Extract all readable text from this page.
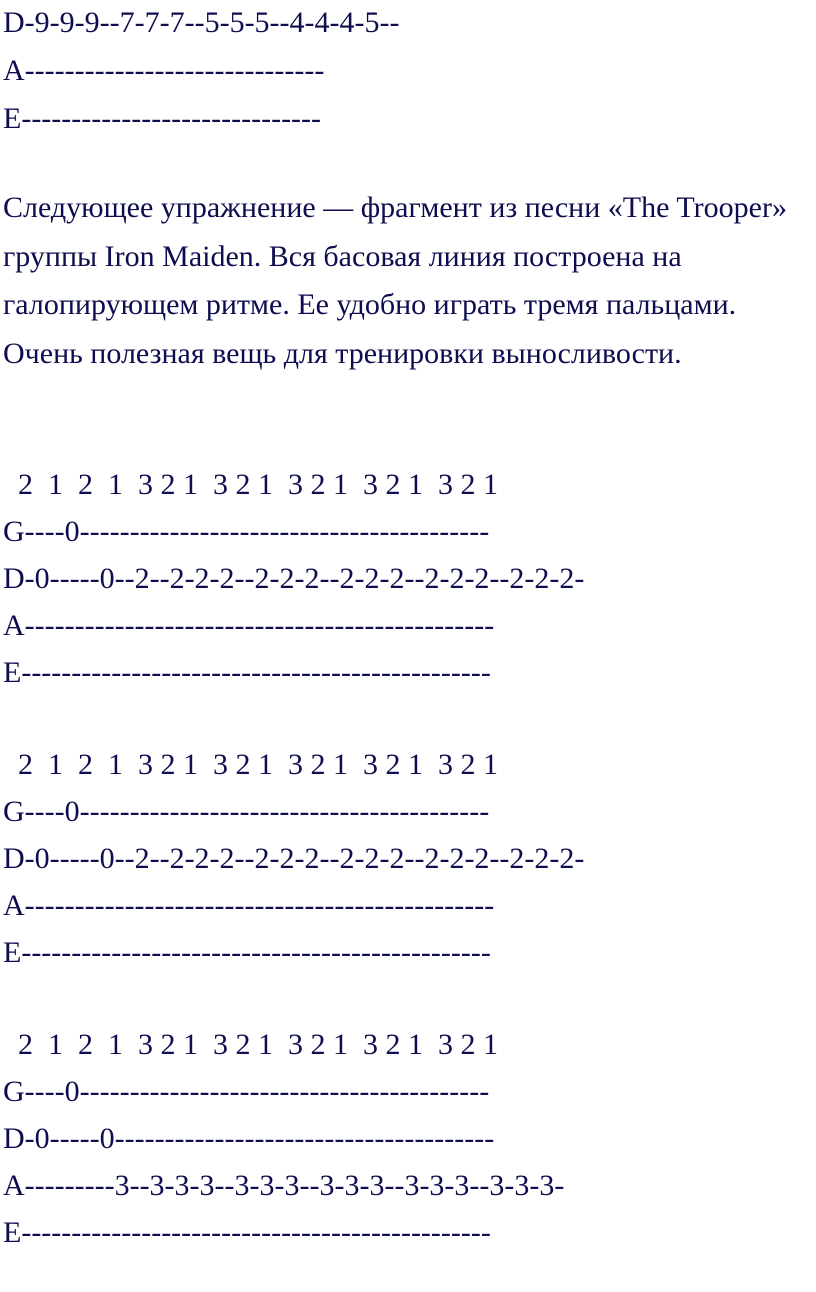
D-9-9-9--7-7-7--5-5-5--4-4-4-5--
A------------------------------
E------------------------------
Следующее упражнение — фрагмент из песни «The Trooper» группы Iron Maiden. Вся басовая линия построена на галопирующем ритме. Ее удобно играть тремя пальцами. Очень полезная вещь для тренировки выносливости.
2  1  2  1  3 2 1  3 2 1  3 2 1  3 2 1  3 2 1
G----0-----------------------------------------
D-0-----0--2--2-2-2--2-2-2--2-2-2--2-2-2--2-2-2-
A-----------------------------------------------
E-----------------------------------------------
2  1  2  1  3 2 1  3 2 1  3 2 1  3 2 1  3 2 1
G----0-----------------------------------------
D-0-----0--2--2-2-2--2-2-2--2-2-2--2-2-2--2-2-2-
A-----------------------------------------------
E-----------------------------------------------
2  1  2  1  3 2 1  3 2 1  3 2 1  3 2 1  3 2 1
G----0-----------------------------------------
D-0-----0--------------------------------------
A---------3--3-3-3--3-3-3--3-3-3--3-3-3--3-3-3-
E-----------------------------------------------
